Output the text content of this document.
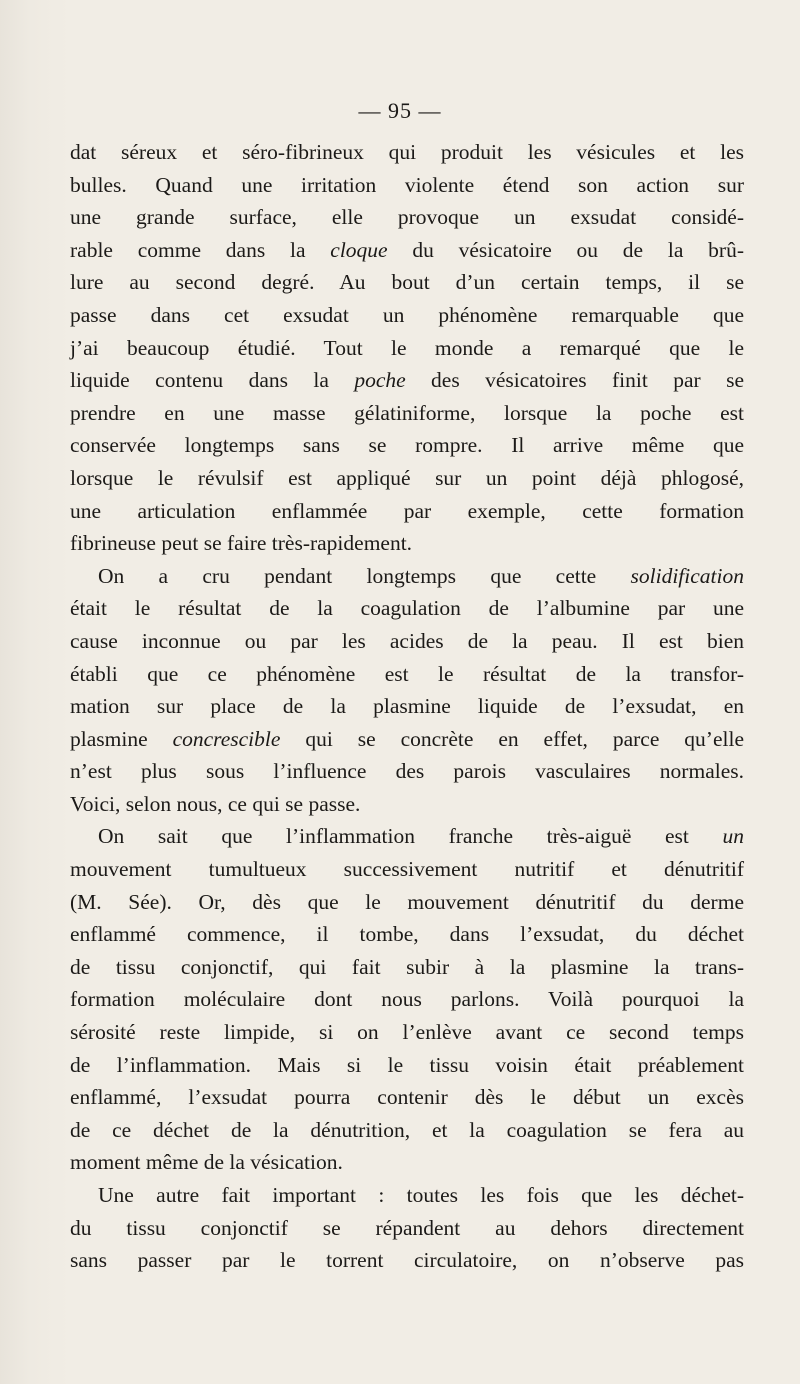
— 95 —
dat séreux et séro-fibrineux qui produit les vésicules et les
bulles. Quand une irritation violente étend son action sur
une grande surface, elle provoque un exsudat considé-
rable comme dans la cloque du vésicatoire ou de la brû-
lure au second degré. Au bout d’un certain temps, il se
passe dans cet exsudat un phénomène remarquable que
j’ai beaucoup étudié. Tout le monde a remarqué que le
liquide contenu dans la poche des vésicatoires finit par se
prendre en une masse gélatiniforme, lorsque la poche est
conservée longtemps sans se rompre. Il arrive même que
lorsque le révulsif est appliqué sur un point déjà phlogosé,
une articulation enflammée par exemple, cette formation
fibrineuse peut se faire très-rapidement.
On a cru pendant longtemps que cette solidification
était le résultat de la coagulation de l’albumine par une
cause inconnue ou par les acides de la peau. Il est bien
établi que ce phénomène est le résultat de la transfor-
mation sur place de la plasmine liquide de l’exsudat, en
plasmine concrescible qui se concrète en effet, parce qu’elle
n’est plus sous l’influence des parois vasculaires normales.
Voici, selon nous, ce qui se passe.
On sait que l’inflammation franche très-aiguë est un
mouvement tumultueux successivement nutritif et dénutritif
(M. Sée). Or, dès que le mouvement dénutritif du derme
enflammé commence, il tombe, dans l’exsudat, du déchet
de tissu conjonctif, qui fait subir à la plasmine la trans-
formation moléculaire dont nous parlons. Voilà pourquoi la
sérosité reste limpide, si on l’enlève avant ce second temps
de l’inflammation. Mais si le tissu voisin était préablement
enflammé, l’exsudat pourra contenir dès le début un excès
de ce déchet de la dénutrition, et la coagulation se fera au
moment même de la vésication.
Une autre fait important : toutes les fois que les déchet-
du tissu conjonctif se répandent au dehors directement
sans passer par le torrent circulatoire, on n’observe pas
